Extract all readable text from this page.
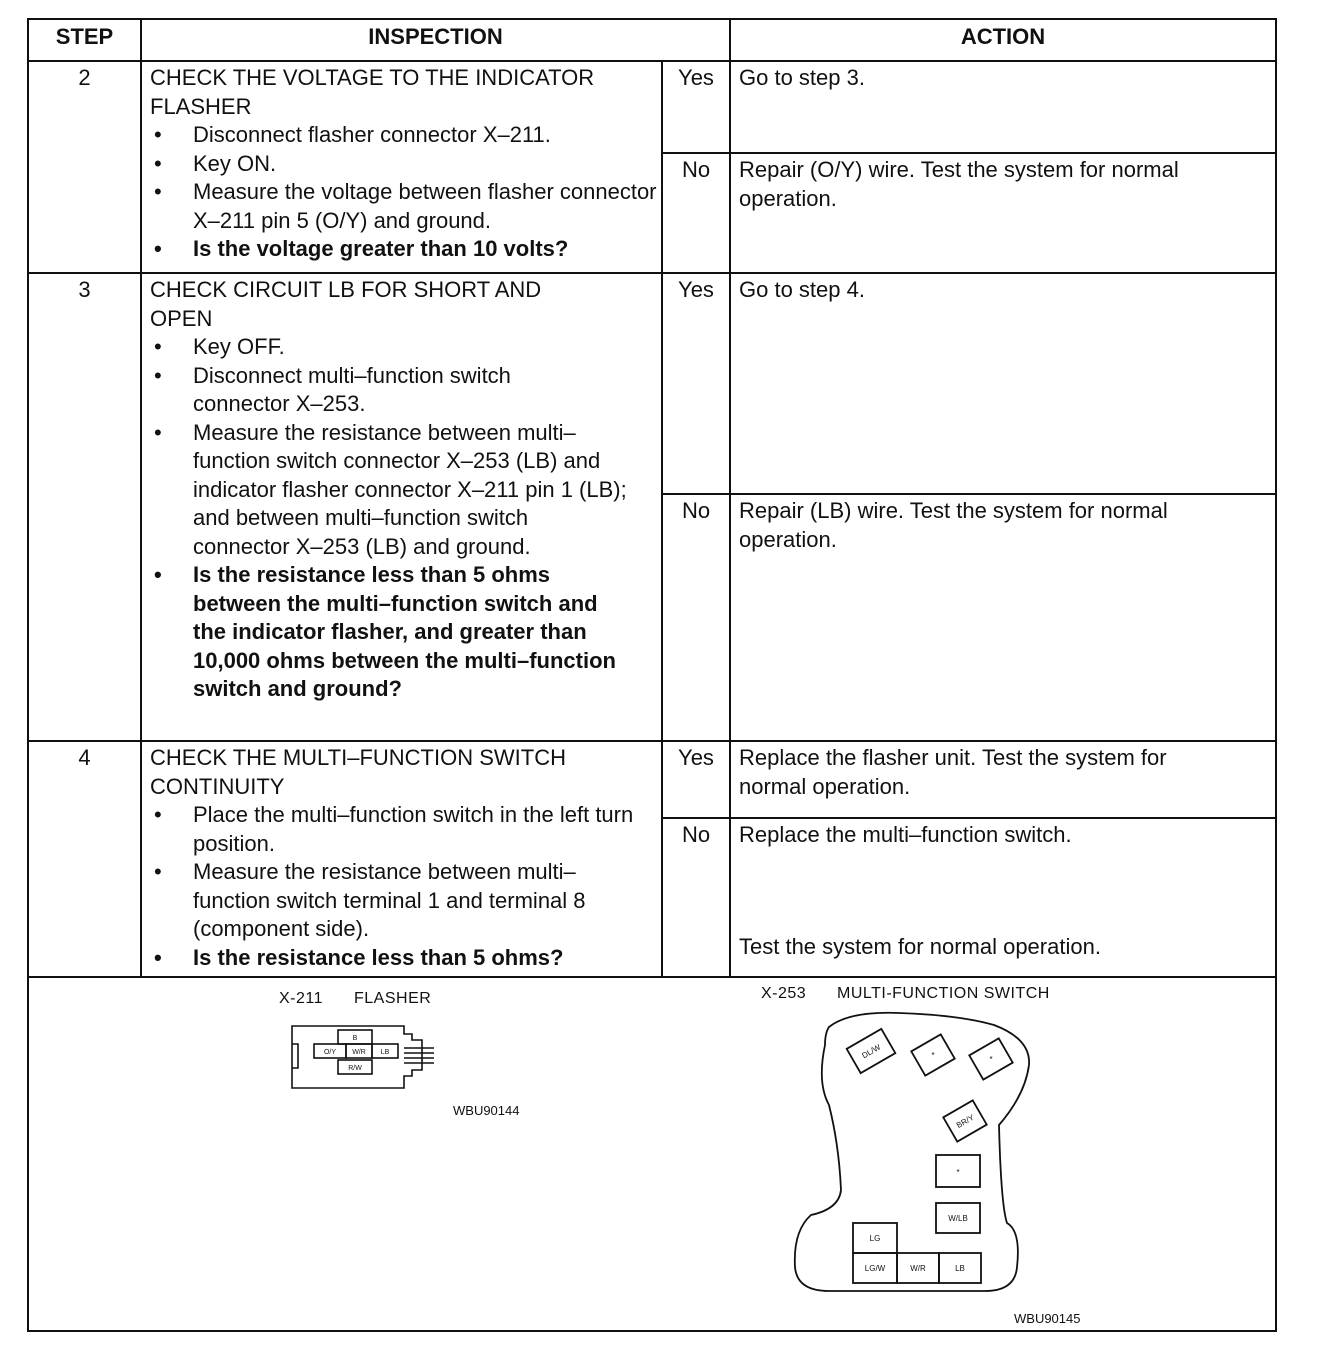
STEP	INSPECTION	ACTION
2	CHECK THE VOLTAGE TO THE INDICATOR FLASHER
• Disconnect flasher connector X–211.
• Key ON.
• Measure the voltage between flasher connector X–211 pin 5 (O/Y) and ground.
• Is the voltage greater than 10 volts?
Yes	Go to step 3.
No	Repair (O/Y) wire. Test the system for normal operation.
3	CHECK CIRCUIT LB FOR SHORT AND OPEN
• Key OFF.
• Disconnect multi–function switch connector X–253.
• Measure the resistance between multi–function switch connector X–253 (LB) and indicator flasher connector X–211 pin 1 (LB); and between multi–function switch connector X–253 (LB) and ground.
• Is the resistance less than 5 ohms between the multi–function switch and the indicator flasher, and greater than 10,000 ohms between the multi–function switch and ground?
Yes	Go to step 4.
No	Repair (LB) wire. Test the system for normal operation.
4	CHECK THE MULTI–FUNCTION SWITCH CONTINUITY
• Place the multi–function switch in the left turn position.
• Measure the resistance between multi–function switch terminal 1 and terminal 8 (component side).
• Is the resistance less than 5 ohms?
Yes	Replace the flasher unit. Test the system for normal operation.
No	Replace the multi–function switch.
Test the system for normal operation.
X-211 FLASHER
WBU90144
X-253 MULTI-FUNCTION SWITCH
WBU90145
B
O/Y W/R LB
R/W
DL/W	*	*
BR/Y
*
W/LB
LG
LG/W	W/R	LB
